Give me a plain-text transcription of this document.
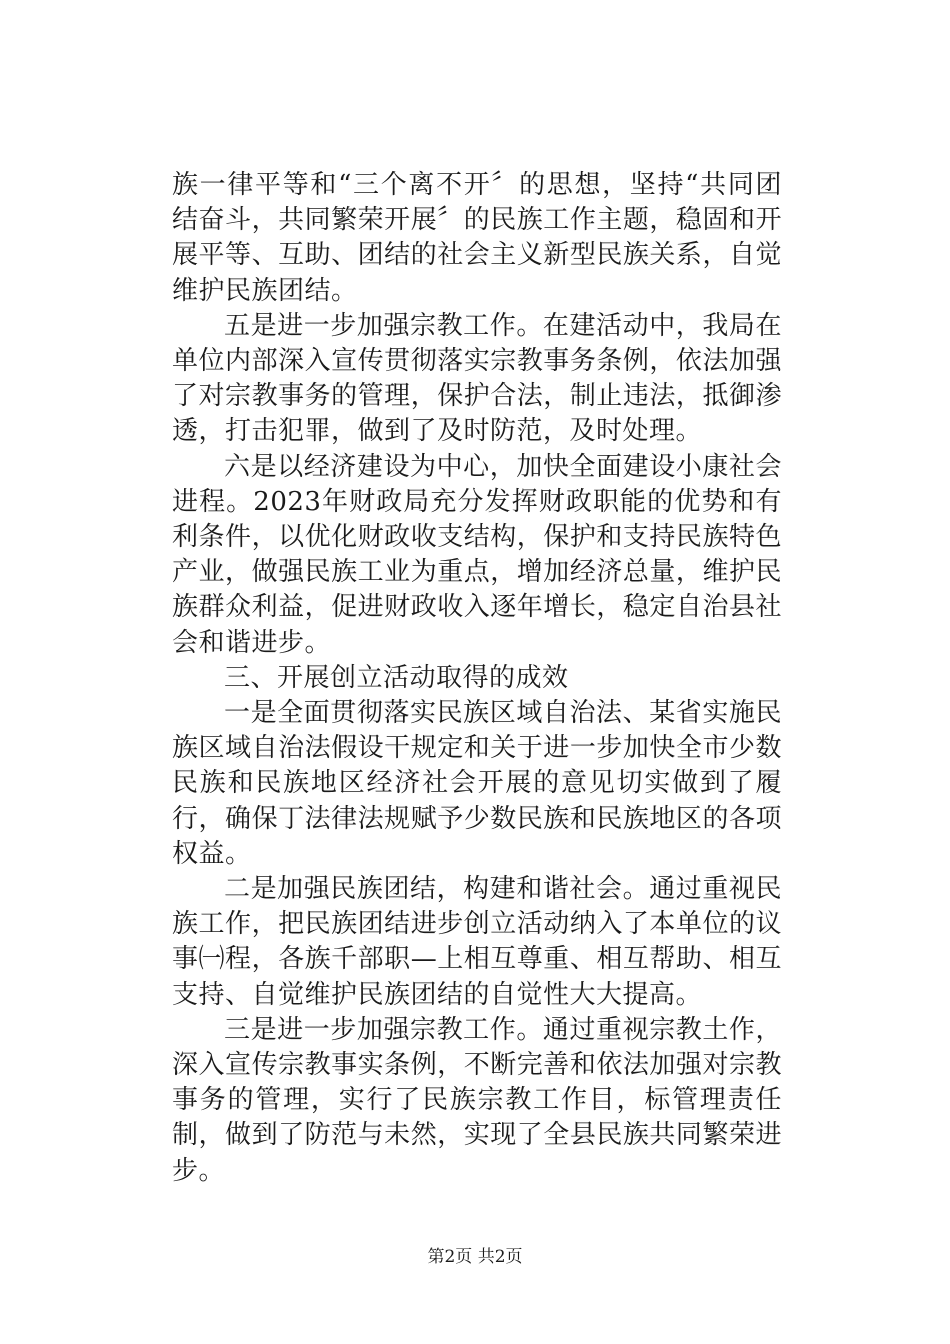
族一律平等和“三个离不开〞的思想，坚持“共同团结奋斗，共同繁荣开展〞的民族工作主题，稳固和开展平等、互助、团结的社会主义新型民族关系，自觉维护民族团结。

五是进一步加强宗教工作。在建活动中，我局在单位内部深入宣传贯彻落实宗教事务条例，依法加强了对宗教事务的管理，保护合法，制止违法，抵御渗透，打击犯罪，做到了及时防范，及时处理。

六是以经济建设为中心，加快全面建设小康社会进程。2023年财政局充分发挥财政职能的优势和有利条件，以优化财政收支结构，保护和支持民族特色产业，做强民族工业为重点，增加经济总量，维护民族群众利益，促进财政收入逐年增长，稳定自治县社会和谐进步。

三、开展创立活动取得的成效

一是全面贯彻落实民族区域自治法、某省实施民族区域自治法假设干规定和关于进一步加快全市少数民族和民族地区经济社会开展的意见切实做到了履行，确保丁法律法规赋予少数民族和民族地区的各项权益。

二是加强民族团结，构建和谐社会。通过重视民族工作，把民族团结进步创立活动纳入了本单位的议事㈠程，各族千部职—上相互尊重、相互帮助、相互支持、自觉维护民族团结的自觉性大大提高。

三是进一步加强宗教工作。通过重视宗教土作，深入宣传宗教事实条例，不断完善和依法加强对宗教事务的管理，实行了民族宗教工作目，标管理责任制，做到了防范与未然，实现了全县民族共同繁荣进步。

第2页 共2页
